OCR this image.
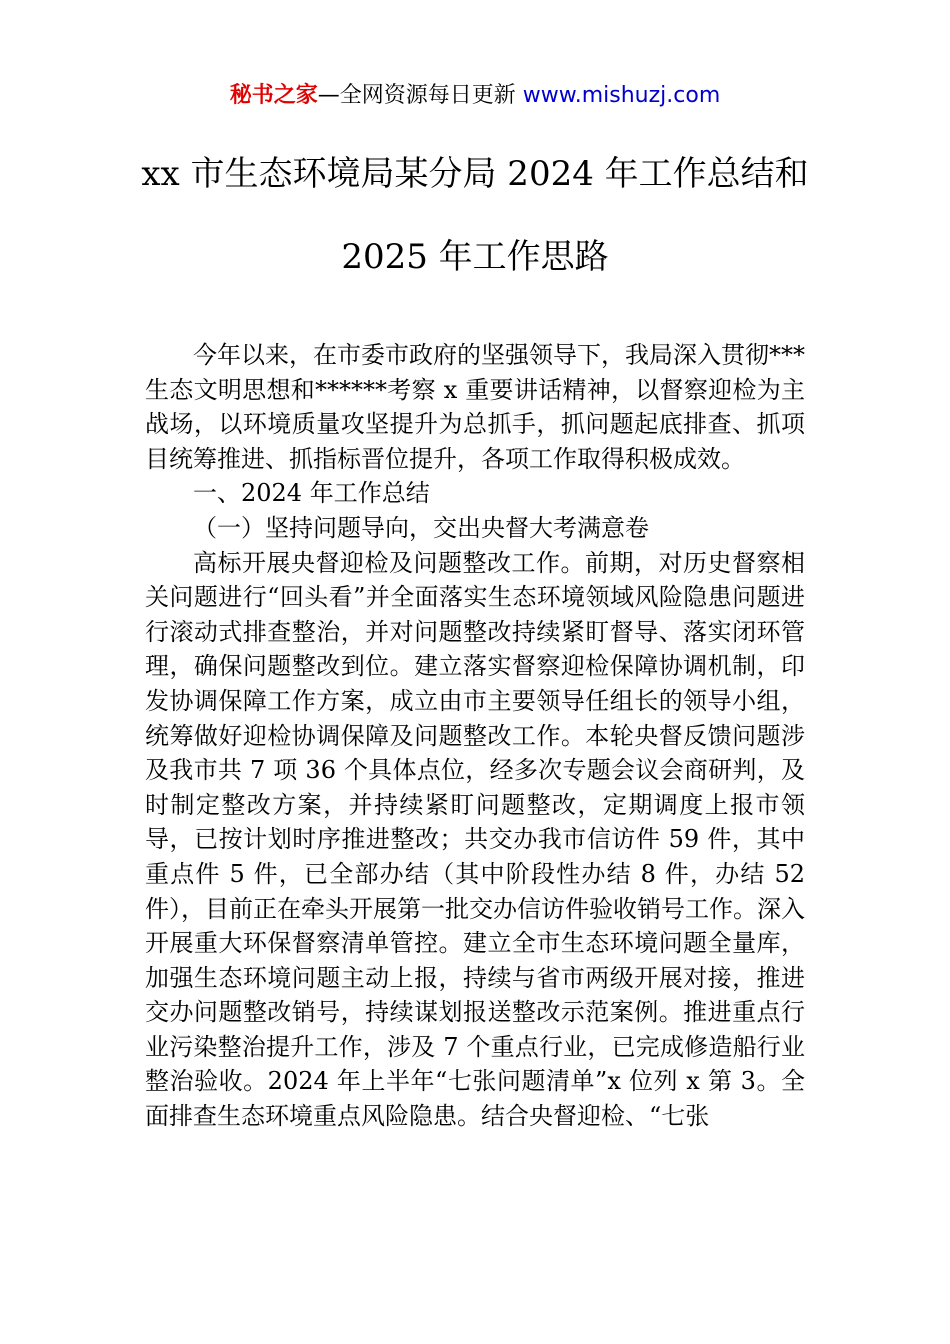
秘书之家—全网资源每日更新 www.mishuzj.com
xx 市生态环境局某分局 2024 年工作总结和
2025 年工作思路

今年以来，在市委市政府的坚强领导下，我局深入贯彻***生态文明思想和******考察 x 重要讲话精神，以督察迎检为主战场，以环境质量攻坚提升为总抓手，抓问题起底排查、抓项目统筹推进、抓指标晋位提升，各项工作取得积极成效。

一、2024 年工作总结

（一）坚持问题导向，交出央督大考满意卷

高标开展央督迎检及问题整改工作。前期，对历史督察相关问题进行“回头看”并全面落实生态环境领域风险隐患问题进行滚动式排查整治，并对问题整改持续紧盯督导、落实闭环管理，确保问题整改到位。建立落实督察迎检保障协调机制，印发协调保障工作方案，成立由市主要领导任组长的领导小组，统筹做好迎检协调保障及问题整改工作。本轮央督反馈问题涉及我市共 7 项 36 个具体点位，经多次专题会议会商研判，及时制定整改方案，并持续紧盯问题整改，定期调度上报市领导，已按计划时序推进整改；共交办我市信访件 59 件，其中重点件 5 件，已全部办结（其中阶段性办结 8 件，办结 52 件），目前正在牵头开展第一批交办信访件验收销号工作。深入开展重大环保督察清单管控。建立全市生态环境问题全量库，加强生态环境问题主动上报，持续与省市两级开展对接，推进交办问题整改销号，持续谋划报送整改示范案例。推进重点行业污染整治提升工作，涉及 7 个重点行业，已完成修造船行业整治验收。2024 年上半年“七张问题清单”x 位列 x 第 3。全面排查生态环境重点风险隐患。结合央督迎检、“七张
